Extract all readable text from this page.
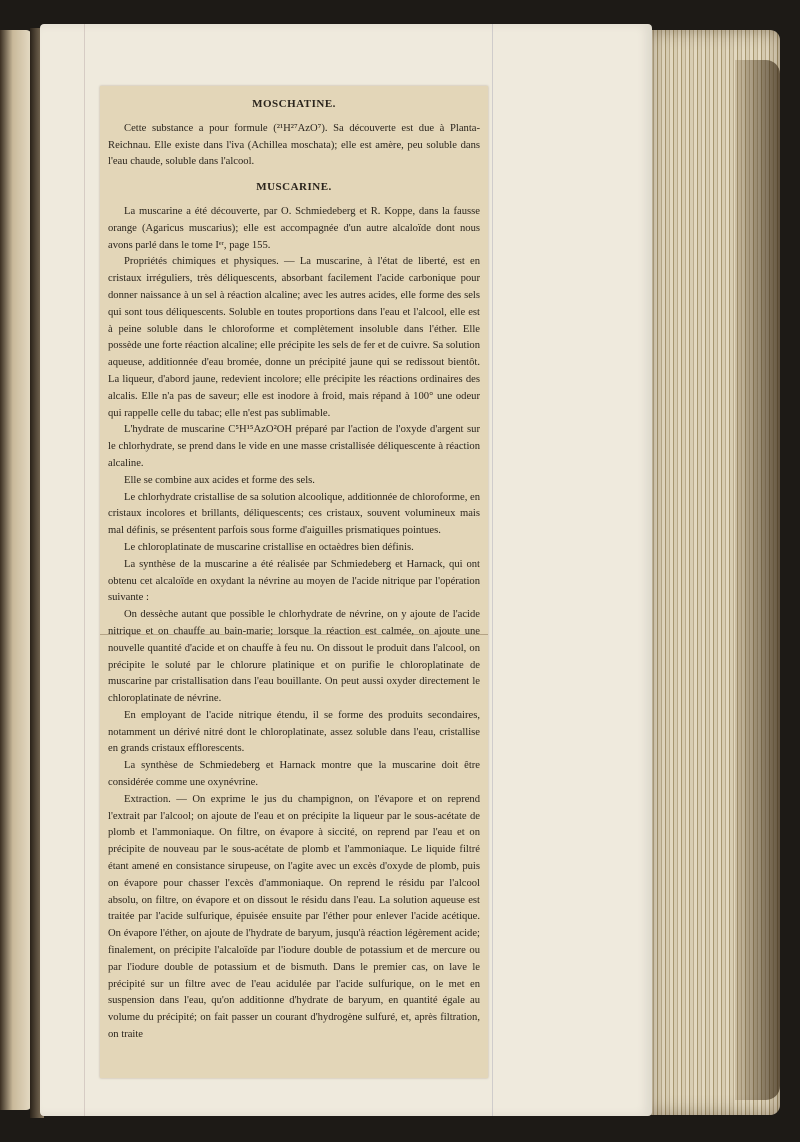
MOSCHATINE.

Cette substance a pour formule (²¹H²⁷AzO⁷). Sa découverte est due à Planta-Reichnau. Elle existe dans l'iva (Achillea moschata); elle est amère, peu soluble dans l'eau chaude, soluble dans l'alcool.

MUSCARINE.

La muscarine a été découverte, par O. Schmiedeberg et R. Koppe, dans la fausse orange (Agaricus muscarius); elle est accompagnée d'un autre alcaloïde dont nous avons parlé dans le tome Iᵉʳ, page 155.

Propriétés chimiques et physiques. — La muscarine, à l'état de liberté, est en cristaux irréguliers, très déliquescents, absorbant facilement l'acide carbonique pour donner naissance à un sel à réaction alcaline; avec les autres acides, elle forme des sels qui sont tous déliquescents. Soluble en toutes proportions dans l'eau et l'alcool, elle est à peine soluble dans le chloroforme et complètement insoluble dans l'éther. Elle possède une forte réaction alcaline; elle précipite les sels de fer et de cuivre. Sa solution aqueuse, additionnée d'eau bromée, donne un précipité jaune qui se redissout bientôt. La liqueur, d'abord jaune, redevient incolore; elle précipite les réactions ordinaires des alcalis. Elle n'a pas de saveur; elle est inodore à froid, mais répand à 100° une odeur qui rappelle celle du tabac; elle n'est pas sublimable.

L'hydrate de muscarine C⁵H¹⁵AzO²OH préparé par l'action de l'oxyde d'argent sur le chlorhydrate, se prend dans le vide en une masse cristallisée déliquescente à réaction alcaline.

Elle se combine aux acides et forme des sels.

Le chlorhydrate cristallise de sa solution alcoolique, additionnée de chloroforme, en cristaux incolores et brillants, déliquescents; ces cristaux, souvent volumineux mais mal définis, se présentent parfois sous forme d'aiguilles prismatiques pointues.

Le chloroplatinate de muscarine cristallise en octaèdres bien définis.

La synthèse de la muscarine a été réalisée par Schmiedeberg et Harnack, qui ont obtenu cet alcaloïde en oxydant la névrine au moyen de l'acide nitrique par l'opération suivante :

On dessèche autant que possible le chlorhydrate de névrine, on y ajoute de l'acide nitrique et on chauffe au bain-marie; lorsque la réaction est calmée, on ajoute une nouvelle quantité d'acide et on chauffe à feu nu. On dissout le produit dans l'alcool, on précipite le soluté par le chlorure platinique et on purifie le chloroplatinate de muscarine par cristallisation dans l'eau bouillante. On peut aussi oxyder directement le chloroplatinate de névrine.

En employant de l'acide nitrique étendu, il se forme des produits secondaires, notamment un dérivé nitré dont le chloroplatinate, assez soluble dans l'eau, cristallise en grands cristaux efflorescents.

La synthèse de Schmiedeberg et Harnack montre que la muscarine doit être considérée comme une oxynévrine.

Extraction. — On exprime le jus du champignon, on l'évapore et on reprend l'extrait par l'alcool; on ajoute de l'eau et on précipite la liqueur par le sous-acétate de plomb et l'ammoniaque. On filtre, on évapore à siccité, on reprend par l'eau et on précipite de nouveau par le sous-acétate de plomb et l'ammoniaque. Le liquide filtré étant amené en consistance sirupeuse, on l'agite avec un excès d'oxyde de plomb, puis on évapore pour chasser l'excès d'ammoniaque. On reprend le résidu par l'alcool absolu, on filtre, on évapore et on dissout le résidu dans l'eau. La solution aqueuse est traitée par l'acide sulfurique, épuisée ensuite par l'éther pour enlever l'acide acétique. On évapore l'éther, on ajoute de l'hydrate de baryum, jusqu'à réaction légèrement acide; finalement, on précipite l'alcaloïde par l'iodure double de potassium et de mercure ou par l'iodure double de potassium et de bismuth. Dans le premier cas, on lave le précipité sur un filtre avec de l'eau acidulée par l'acide sulfurique, on le met en suspension dans l'eau, qu'on additionne d'hydrate de baryum, en quantité égale au volume du précipité; on fait passer un courant d'hydrogène sulfuré, et, après filtration, on traite
